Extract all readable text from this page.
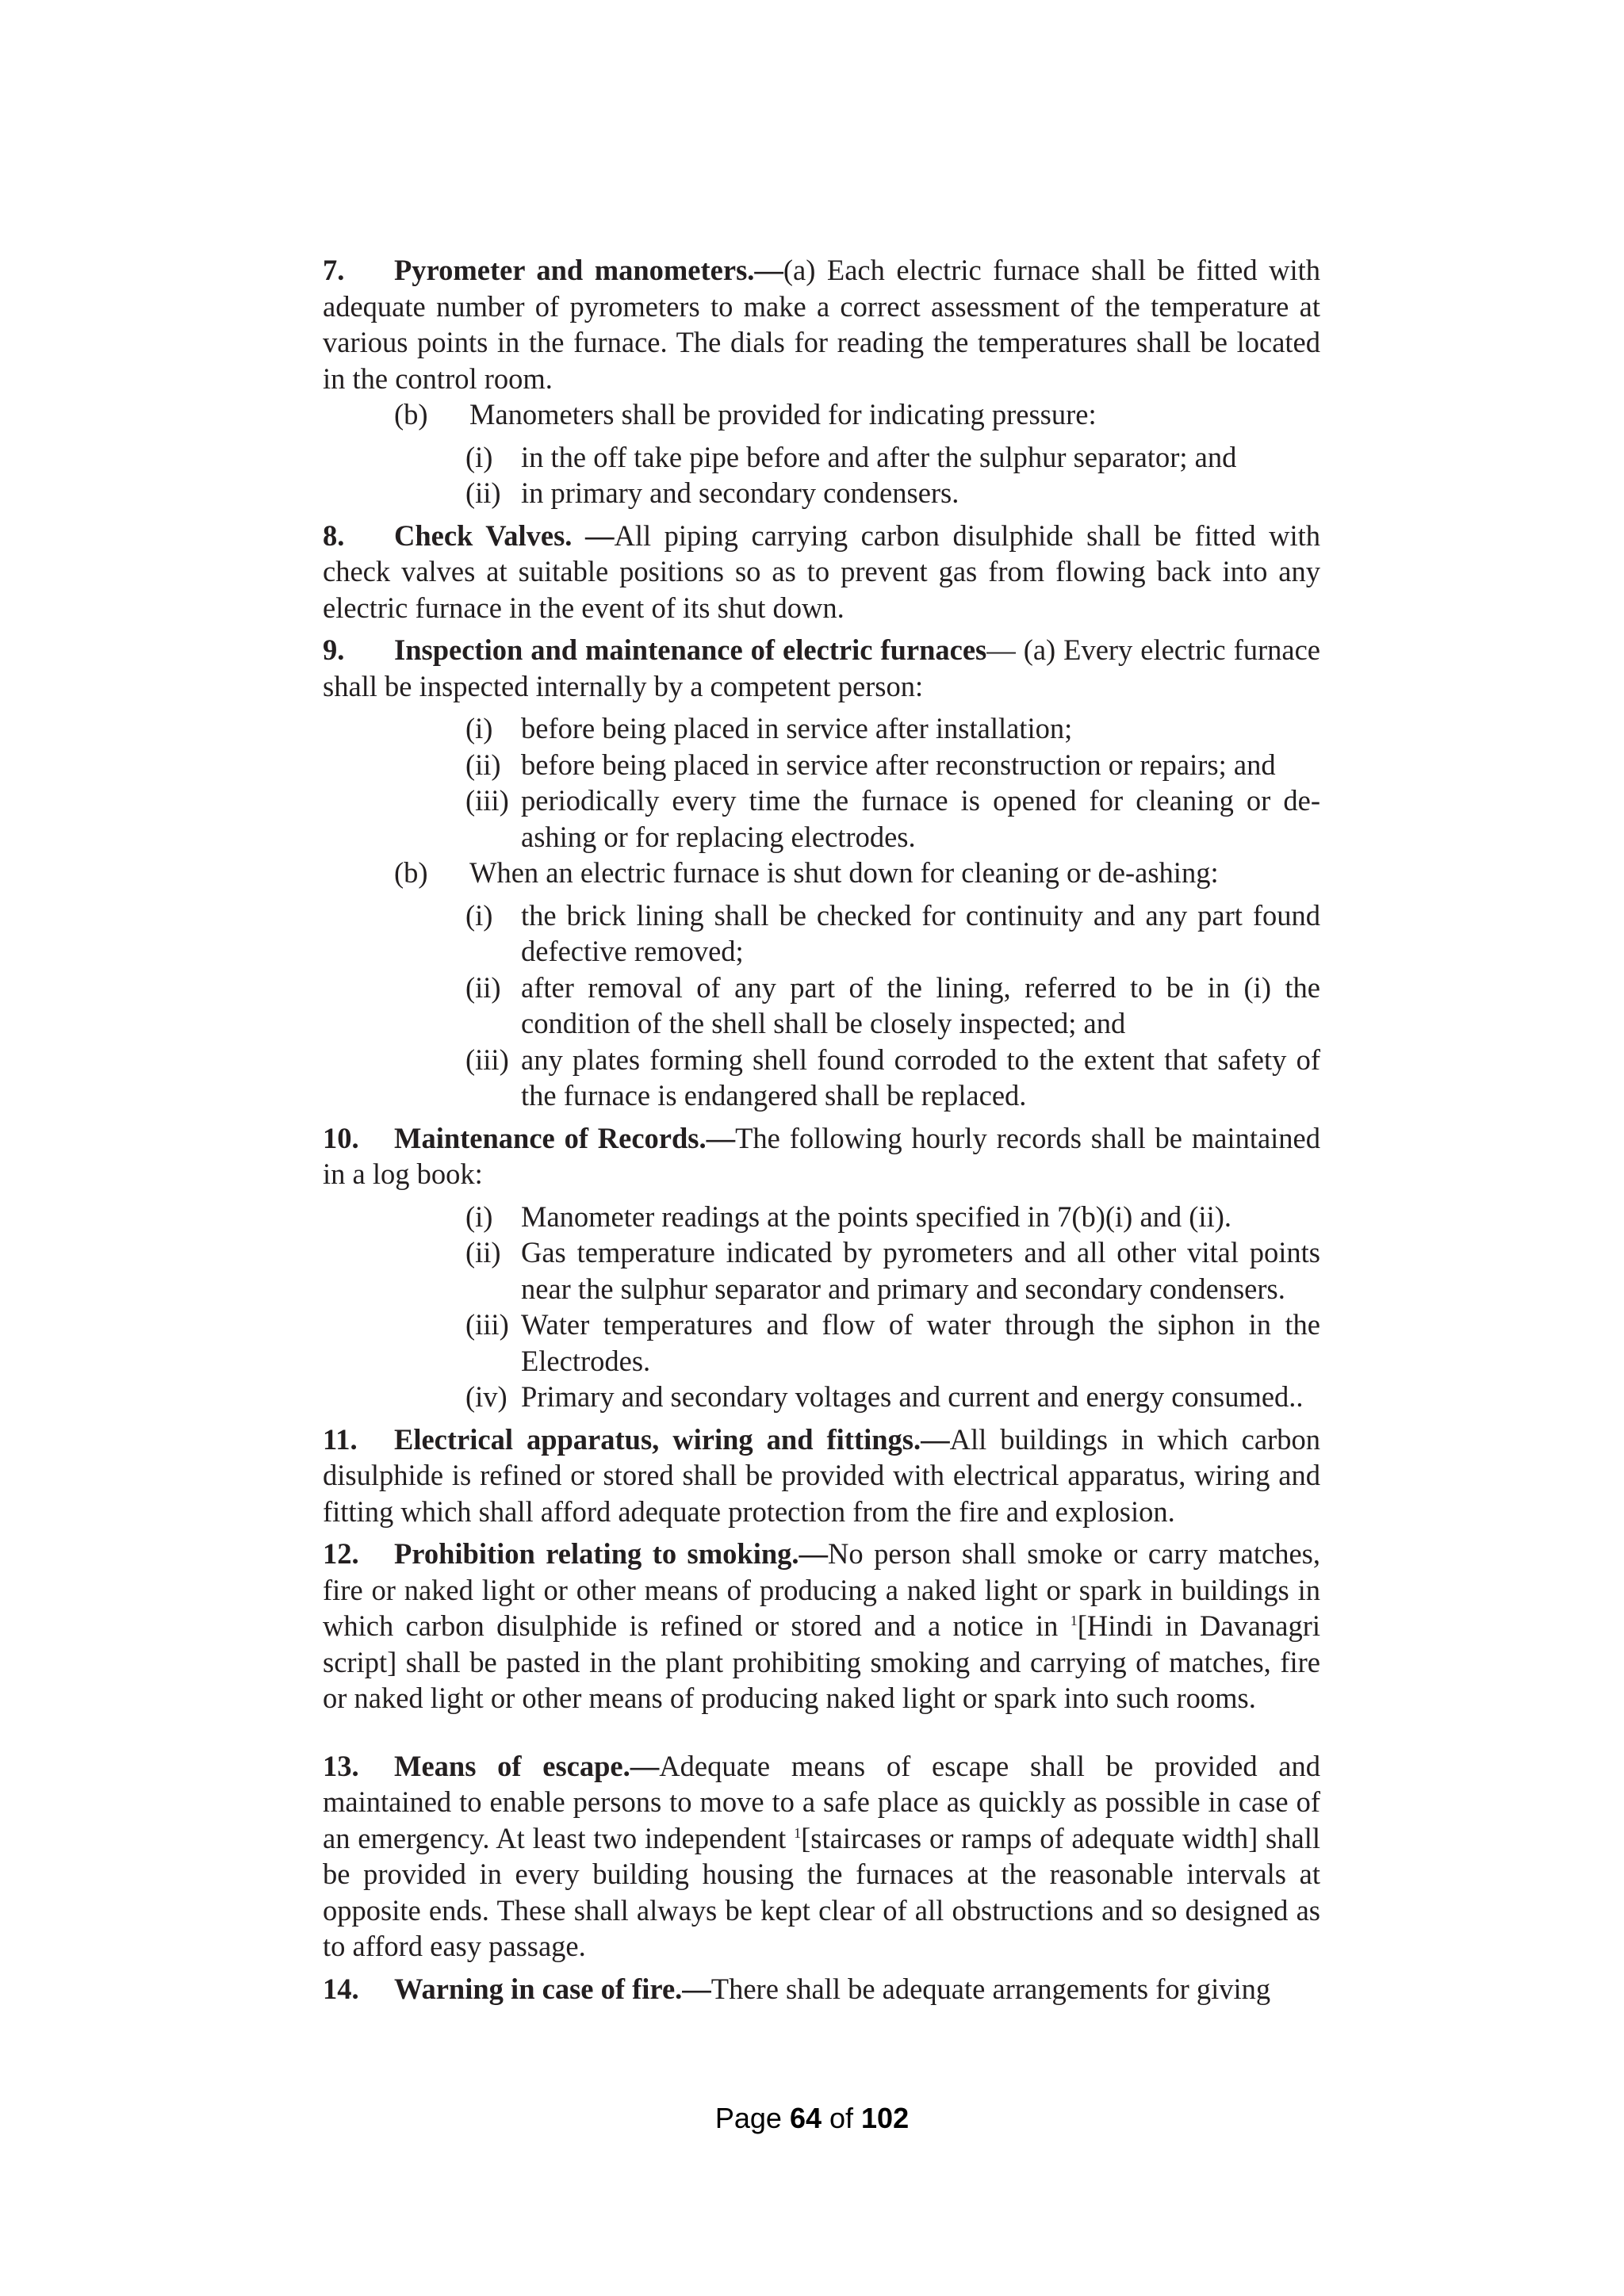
7. Pyrometer and manometers.—(a) Each electric furnace shall be fitted with adequate number of pyrometers to make a correct assessment of the temperature at various points in the furnace. The dials for reading the temperatures shall be located in the control room.

(b) Manometers shall be provided for indicating pressure:

(i) in the off take pipe before and after the sulphur separator; and

(ii) in primary and secondary condensers.

8. Check Valves. —All piping carrying carbon disulphide shall be fitted with check valves at suitable positions so as to prevent gas from flowing back into any electric furnace in the event of its shut down.

9. Inspection and maintenance of electric furnaces— (a) Every electric furnace shall be inspected internally by a competent person:

(i) before being placed in service after installation;

(ii) before being placed in service after reconstruction or repairs; and

(iii) periodically every time the furnace is opened for cleaning or de-ashing or for replacing electrodes.

(b) When an electric furnace is shut down for cleaning or de-ashing:

(i) the brick lining shall be checked for continuity and any part found defective removed;

(ii) after removal of any part of the lining, referred to be in (i) the condition of the shell shall be closely inspected; and

(iii) any plates forming shell found corroded to the extent that safety of the furnace is endangered shall be replaced.

10. Maintenance of Records.—The following hourly records shall be maintained in a log book:

(i) Manometer readings at the points specified in 7(b)(i) and (ii).

(ii) Gas temperature indicated by pyrometers and all other vital points near the sulphur separator and primary and secondary condensers.

(iii) Water temperatures and flow of water through the siphon in the Electrodes.

(iv) Primary and secondary voltages and current and energy consumed..

11. Electrical apparatus, wiring and fittings.—All buildings in which carbon disulphide is refined or stored shall be provided with electrical apparatus, wiring and fitting which shall afford adequate protection from the fire and explosion.

12. Prohibition relating to smoking.—No person shall smoke or carry matches, fire or naked light or other means of producing a naked light or spark in buildings in which carbon disulphide is refined or stored and a notice in $^1$[Hindi in Davanagri script] shall be pasted in the plant prohibiting smoking and carrying of matches, fire or naked light or other means of producing naked light or spark into such rooms.

13. Means of escape.—Adequate means of escape shall be provided and maintained to enable persons to move to a safe place as quickly as possible in case of an emergency. At least two independent $^1$[staircases or ramps of adequate width] shall be provided in every building housing the furnaces at the reasonable intervals at opposite ends. These shall always be kept clear of all obstructions and so designed as to afford easy passage.

14. Warning in case of fire.—There shall be adequate arrangements for giving

Page 64 of 102
